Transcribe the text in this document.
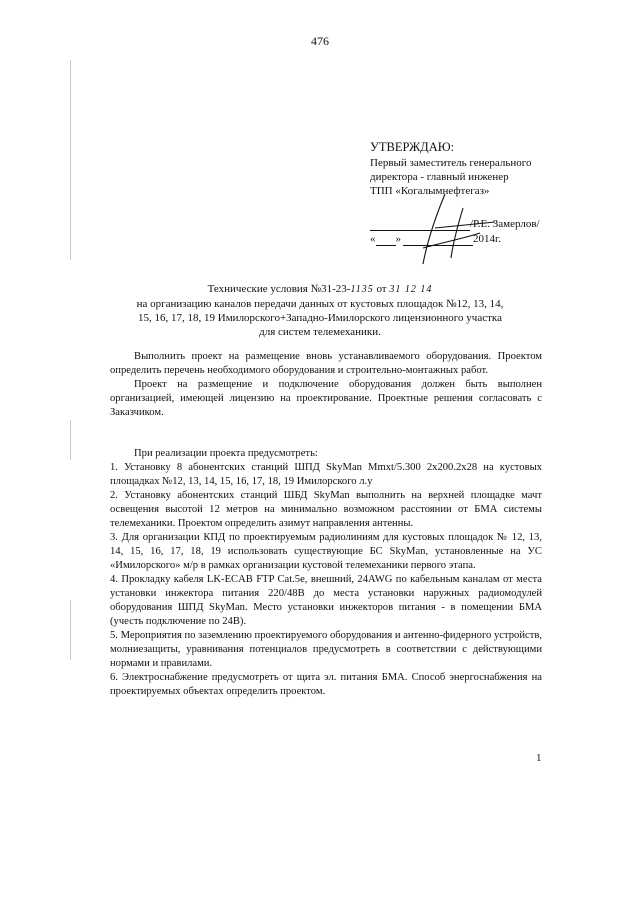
476
УТВЕРЖДАЮ:
Первый заместитель генерального
директора - главный инженер
ТПП «Когалымнефтегаз»
/Р.Е. Замерлов/
« »	2014г.
Технические условия №31-23-1135 от 31 12 14
на организацию каналов передачи данных от кустовых площадок №12, 13, 14,
15, 16, 17, 18, 19 Имилорского+Западно-Имилорского лицензионного участка
для систем телемеханики.

Выполнить проект на размещение вновь устанавливаемого оборудования. Проектом определить перечень необходимого оборудования и строительно-монтажных работ.

Проект на размещение и подключение оборудования должен быть выполнен организацией, имеющей лицензию на проектирование. Проектные решения согласовать с Заказчиком.

При реализации проекта предусмотреть:

1. Установку 8 абонентских станций ШПД SkyMan Mmxt/5.300 2x200.2x28 на кустовых площадках №12, 13, 14, 15, 16, 17, 18, 19 Имилорского л.у

2. Установку абонентских станций ШБД SkyMan выполнить на верхней площадке мачт освещения высотой 12 метров на минимально возможном расстоянии от БМА системы телемеханики. Проектом определить азимут направления антенны.

3. Для организации КПД по проектируемым радиолиниям для кустовых площадок № 12, 13, 14, 15, 16, 17, 18, 19 использовать существующие БС SkyMan, установленные на УС «Имилорского» м/р в рамках организации кустовой телемеханики первого этапа.

4. Прокладку кабеля LK-ECAB FTP Cat.5e, внешний, 24AWG по кабельным каналам от места установки инжектора питания 220/48В до места установки наружных радиомодулей оборудования ШПД SkyMan. Место установки инжекторов питания - в помещении БМА (учесть подключение по 24В).

5. Мероприятия по заземлению проектируемого оборудования и антенно-фидерного устройств, молниезащиты, уравнивания потенциалов предусмотреть в соответствии с действующими нормами и правилами.

6. Электроснабжение предусмотреть от щита эл. питания БМА. Способ энергоснабжения на проектируемых объектах определить проектом.

1
